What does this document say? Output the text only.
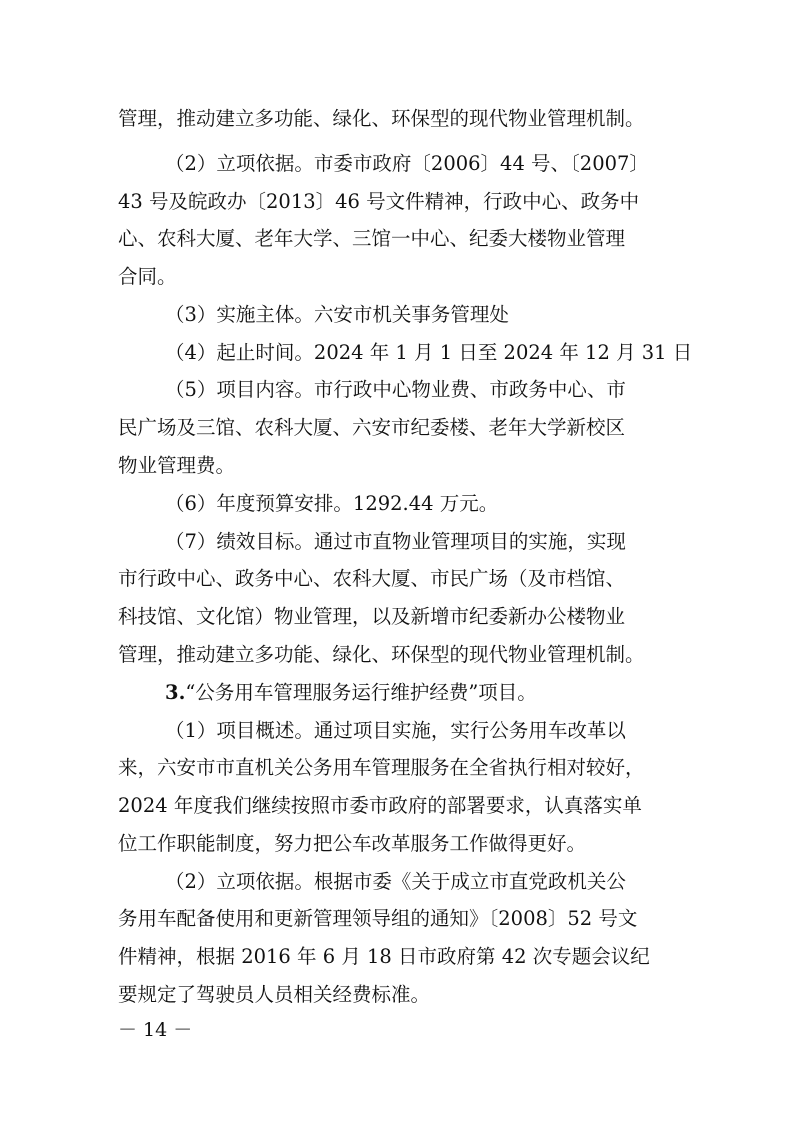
管理，推动建立多功能、绿化、环保型的现代物业管理机制。
（2）立项依据。市委市政府〔2006〕44 号、〔2007〕
43 号及皖政办〔2013〕46 号文件精神，行政中心、政务中
心、农科大厦、老年大学、三馆一中心、纪委大楼物业管理
合同。
（3）实施主体。六安市机关事务管理处
（4）起止时间。2024 年 1 月 1 日至 2024 年 12 月 31 日
（5）项目内容。市行政中心物业费、市政务中心、市
民广场及三馆、农科大厦、六安市纪委楼、老年大学新校区
物业管理费。
（6）年度预算安排。1292.44 万元。
（7）绩效目标。通过市直物业管理项目的实施，实现
市行政中心、政务中心、农科大厦、市民广场（及市档馆、
科技馆、文化馆）物业管理，以及新增市纪委新办公楼物业
管理，推动建立多功能、绿化、环保型的现代物业管理机制。
3.“公务用车管理服务运行维护经费”项目。
（1）项目概述。通过项目实施，实行公务用车改革以
来，六安市市直机关公务用车管理服务在全省执行相对较好，
2024 年度我们继续按照市委市政府的部署要求，认真落实单
位工作职能制度，努力把公车改革服务工作做得更好。
（2）立项依据。根据市委《关于成立市直党政机关公
务用车配备使用和更新管理领导组的通知》〔2008〕52 号文
件精神，根据 2016 年 6 月 18 日市政府第 42 次专题会议纪
要规定了驾驶员人员相关经费标准。
－ 14 －
